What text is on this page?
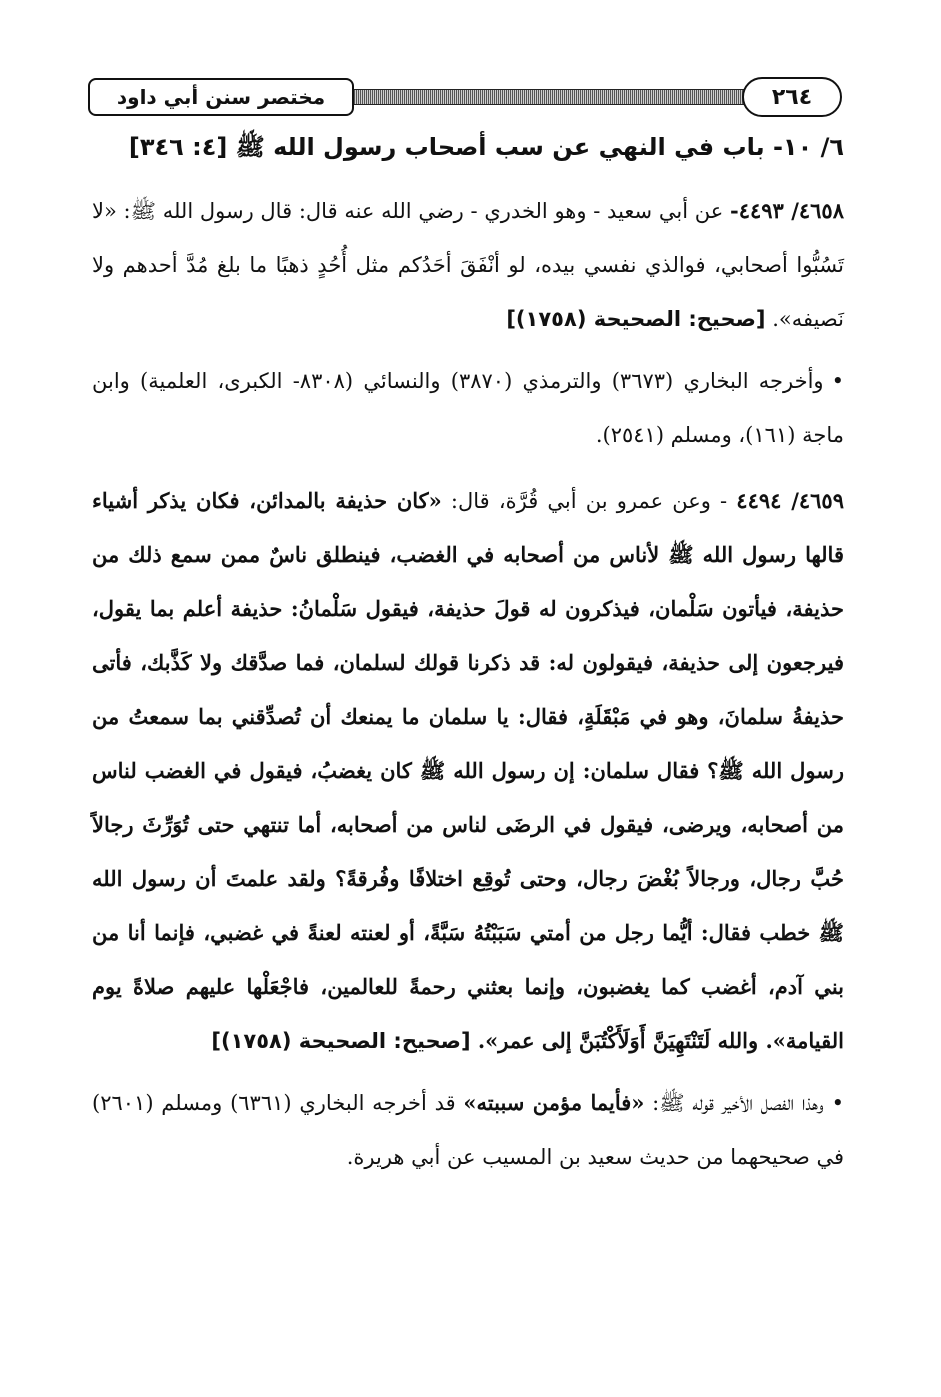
مختصر سنن أبي داود	٢٦٤
٦/ ١٠- باب في النهي عن سب أصحاب رسول الله ﷺ [٤: ٣٤٦]

٤٦٥٨/ ٤٤٩٣- عن أبي سعيد - وهو الخدري - رضي الله عنه قال: قال رسول الله ﷺ: «لا تَسُبُّوا أصحابي، فوالذي نفسي بيده، لو أنْفَقَ أحَدُكم مثل أُحُدٍ ذهبًا ما بلغ مُدَّ أحدهم ولا نَصيفه». [صحيح: الصحيحة (١٧٥٨)]

•وأخرجه البخاري (٣٦٧٣) والترمذي (٣٨٧٠) والنسائي (٨٣٠٨- الكبرى، العلمية) وابن ماجة (١٦١)، ومسلم (٢٥٤١).

٤٦٥٩/ ٤٤٩٤ - وعن عمرو بن أبي قُرَّة، قال: «كان حذيفة بالمدائن، فكان يذكر أشياء قالها رسول الله ﷺ لأناس من أصحابه في الغضب، فينطلق ناسٌ ممن سمع ذلك من حذيفة، فيأتون سَلْمان، فيذكرون له قولَ حذيفة، فيقول سَلْمانُ: حذيفة أعلم بما يقول، فيرجعون إلى حذيفة، فيقولون له: قد ذكرنا قولك لسلمان، فما صدَّقك ولا كَذَّبك، فأتى حذيفةُ سلمانَ، وهو في مَبْقَلَةٍ، فقال: يا سلمان ما يمنعك أن تُصدِّقني بما سمعتُ من رسول الله ﷺ؟ فقال سلمان: إن رسول الله ﷺ كان يغضبُ، فيقول في الغضب لناس من أصحابه، ويرضى، فيقول في الرضَى لناس من أصحابه، أما تنتهي حتى تُوَرِّثَ رجالاً حُبَّ رجال، ورجالاً بُغْضَ رجال، وحتى تُوقِع اختلافًا وفُرقةً؟ ولقد علمتَ أن رسول الله ﷺ خطب فقال: أيُّما رجل من أمتي سَبَبْتُهُ سَبَّةً، أو لعنته لعنةً في غضبي، فإنما أنا من بني آدم، أغضب كما يغضبون، وإنما بعثني رحمةً للعالمين، فاجْعَلْها عليهم صلاةً يوم القيامة». والله لَتَنْتَهِيَنَّ أَوَلَأَكْتُبَنَّ إلى عمر». [صحيح: الصحيحة (١٧٥٨)]

•وهذا الفصل الأخير قوله ﷺ: «فأيما مؤمن سببته» قد أخرجه البخاري (٦٣٦١) ومسلم (٢٦٠١) في صحيحهما من حديث سعيد بن المسيب عن أبي هريرة.
